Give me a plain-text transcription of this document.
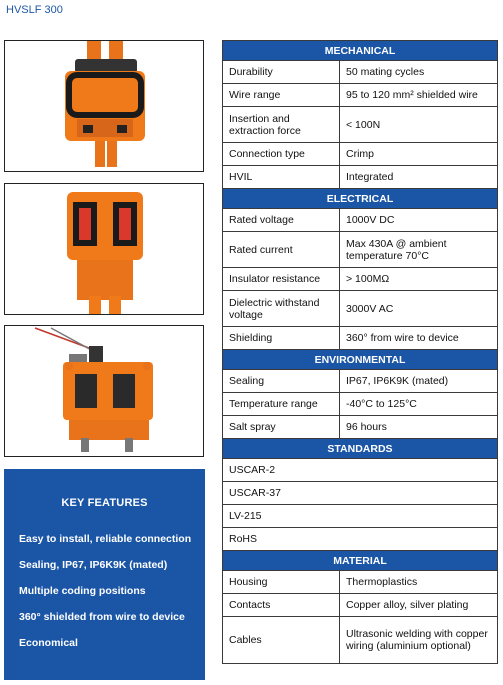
HVSLF 300
KEY FEATURES
Easy to install, reliable connection
Sealing, IP67, IP6K9K (mated)
Multiple coding positions
360° shielded from wire to device
Economical
MECHANICAL	
Durability	50 mating cycles
Wire range	95 to 120 mm² shielded wire
Insertion and extraction force	< 100N
Connection type	Crimp
HVIL	Integrated
ELECTRICAL	
Rated voltage	1000V DC
Rated current	Max 430A @ ambient temperature 70°C
Insulator resistance	> 100MΩ
Dielectric withstand voltage	3000V AC
Shielding	360° from wire to device
ENVIRONMENTAL	
Sealing	IP67, IP6K9K (mated)
Temperature range	-40°C to 125°C
Salt spray	96 hours
STANDARDS	
USCAR-2	
USCAR-37	
LV-215	
RoHS	
MATERIAL	
Housing	Thermoplastics
Contacts	Copper alloy, silver plating
Cables	Ultrasonic welding with copper wiring (aluminium optional)
